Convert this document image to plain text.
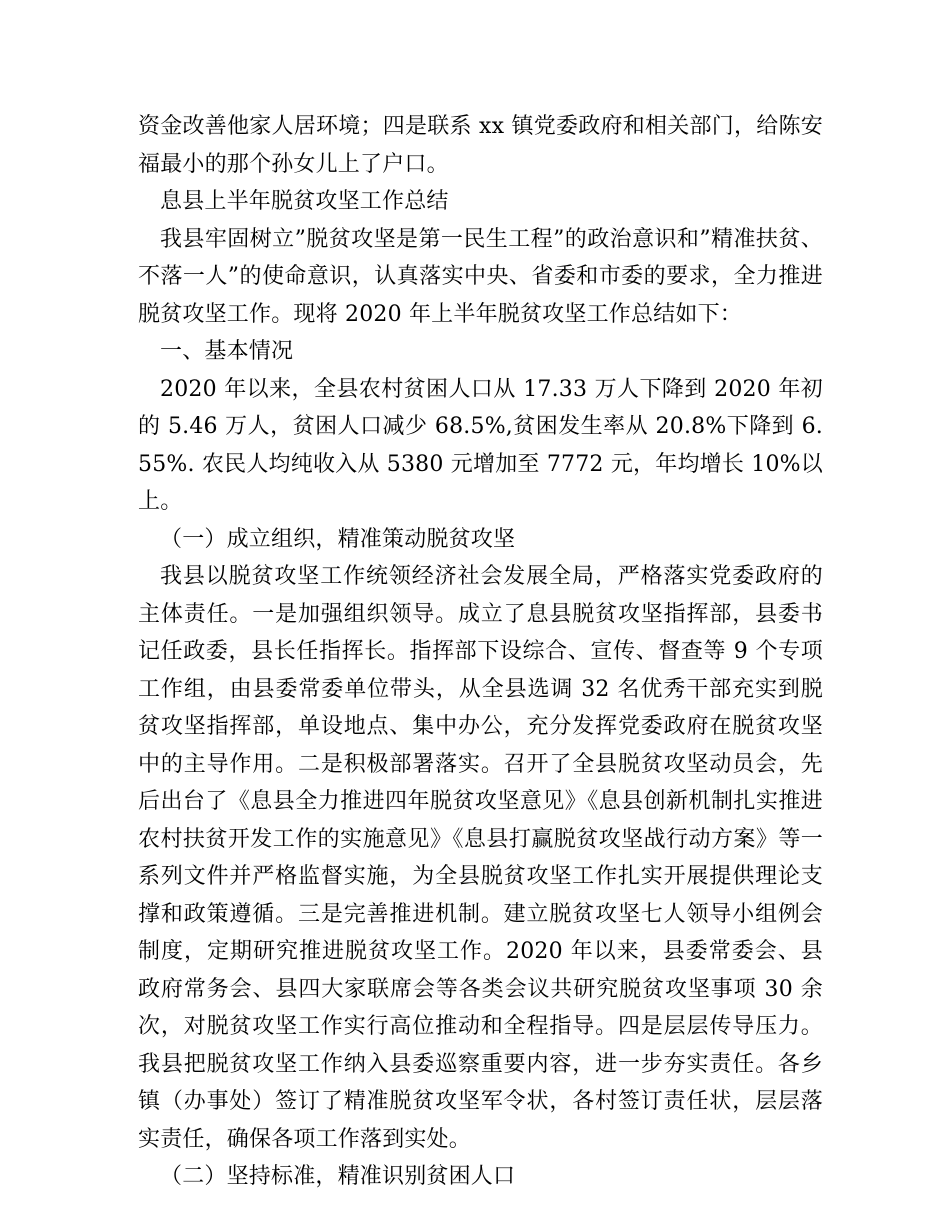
资金改善他家人居环境；四是联系 xx 镇党委政府和相关部门，给陈安福最小的那个孙女儿上了户口。

息县上半年脱贫攻坚工作总结

我县牢固树立”脱贫攻坚是第一民生工程”的政治意识和”精准扶贫、不落一人”的使命意识，认真落实中央、省委和市委的要求，全力推进脱贫攻坚工作。现将 2020 年上半年脱贫攻坚工作总结如下：

一、基本情况

2020 年以来，全县农村贫困人口从 17.33 万人下降到 2020 年初的 5.46 万人，贫困人口减少 68.5%,贫困发生率从 20.8%下降到 6.55%. 农民人均纯收入从 5380 元增加至 7772 元，年均增长 10%以上。

（一）成立组织，精准策动脱贫攻坚

我县以脱贫攻坚工作统领经济社会发展全局，严格落实党委政府的主体责任。一是加强组织领导。成立了息县脱贫攻坚指挥部，县委书记任政委，县长任指挥长。指挥部下设综合、宣传、督查等 9 个专项工作组，由县委常委单位带头，从全县选调 32 名优秀干部充实到脱贫攻坚指挥部，单设地点、集中办公，充分发挥党委政府在脱贫攻坚中的主导作用。二是积极部署落实。召开了全县脱贫攻坚动员会，先后出台了《息县全力推进四年脱贫攻坚意见》《息县创新机制扎实推进农村扶贫开发工作的实施意见》《息县打赢脱贫攻坚战行动方案》等一系列文件并严格监督实施，为全县脱贫攻坚工作扎实开展提供理论支撑和政策遵循。三是完善推进机制。建立脱贫攻坚七人领导小组例会制度，定期研究推进脱贫攻坚工作。2020 年以来，县委常委会、县政府常务会、县四大家联席会等各类会议共研究脱贫攻坚事项 30 余次，对脱贫攻坚工作实行高位推动和全程指导。四是层层传导压力。我县把脱贫攻坚工作纳入县委巡察重要内容，进一步夯实责任。各乡镇（办事处）签订了精准脱贫攻坚军令状，各村签订责任状，层层落实责任，确保各项工作落到实处。

（二）坚持标准，精准识别贫困人口
